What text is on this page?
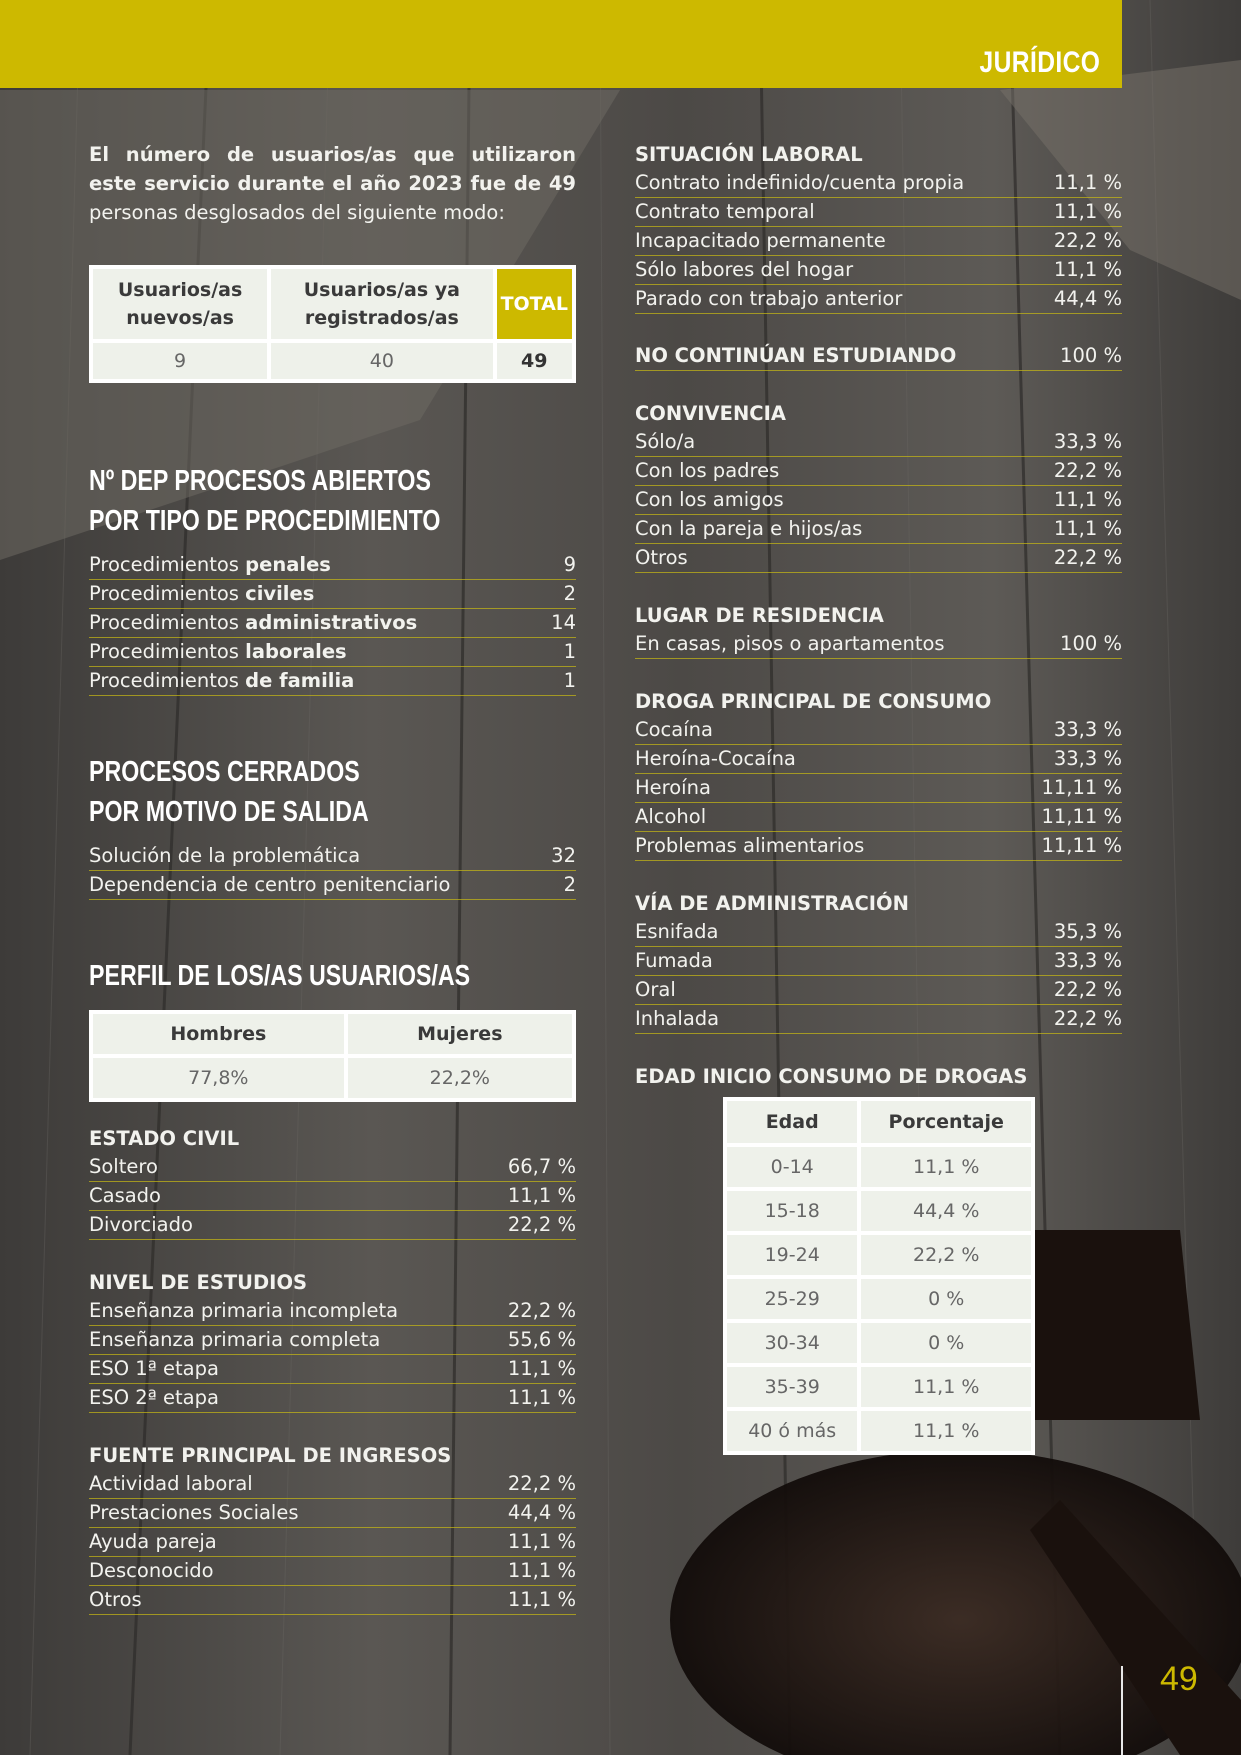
JURÍDICO

El número de usuarios/as que utilizaron este servicio durante el año 2023 fue de 49 personas desglosados del siguiente modo:

Usuarios/as nuevos/as	Usuarios/as ya registrados/as	TOTAL
9	40	49
Nº DEP PROCESOS ABIERTOS
POR TIPO DE PROCEDIMIENTO
Procedimientos penales	9
Procedimientos civiles	2
Procedimientos administrativos	14
Procedimientos laborales	1
Procedimientos de familia	1
PROCESOS CERRADOS
POR MOTIVO DE SALIDA
Solución de la problemática	32
Dependencia de centro penitenciario	2
PERFIL DE LOS/AS USUARIOS/AS
Hombres	Mujeres
77,8%	22,2%
ESTADO CIVIL
Soltero	66,7 %
Casado	11,1 %
Divorciado	22,2 %
NIVEL DE ESTUDIOS
Enseñanza primaria incompleta	22,2 %
Enseñanza primaria completa	55,6 %
ESO 1ª etapa	11,1 %
ESO 2ª etapa	11,1 %
FUENTE PRINCIPAL DE INGRESOS
Actividad laboral	22,2 %
Prestaciones Sociales	44,4 %
Ayuda pareja	11,1 %
Desconocido	11,1 %
Otros	11,1 %
SITUACIÓN LABORAL
Contrato indefinido/cuenta propia	11,1 %
Contrato temporal	11,1 %
Incapacitado permanente	22,2 %
Sólo labores del hogar	11,1 %
Parado con trabajo anterior	44,4 %
NO CONTINÚAN ESTUDIANDO	100 %
CONVIVENCIA
Sólo/a	33,3 %
Con los padres	22,2 %
Con los amigos	11,1 %
Con la pareja e hijos/as	11,1 %
Otros	22,2 %
LUGAR DE RESIDENCIA
En casas, pisos o apartamentos	100 %
DROGA PRINCIPAL DE CONSUMO
Cocaína	33,3 %
Heroína-Cocaína	33,3 %
Heroína	11,11 %
Alcohol	11,11 %
Problemas alimentarios	11,11 %
VÍA DE ADMINISTRACIÓN
Esnifada	35,3 %
Fumada	33,3 %
Oral	22,2 %
Inhalada	22,2 %
EDAD INICIO CONSUMO DE DROGAS
Edad	Porcentaje
0-14	11,1 %
15-18	44,4 %
19-24	22,2 %
25-29	0 %
30-34	0 %
35-39	11,1 %
40 ó más	11,1 %
49
